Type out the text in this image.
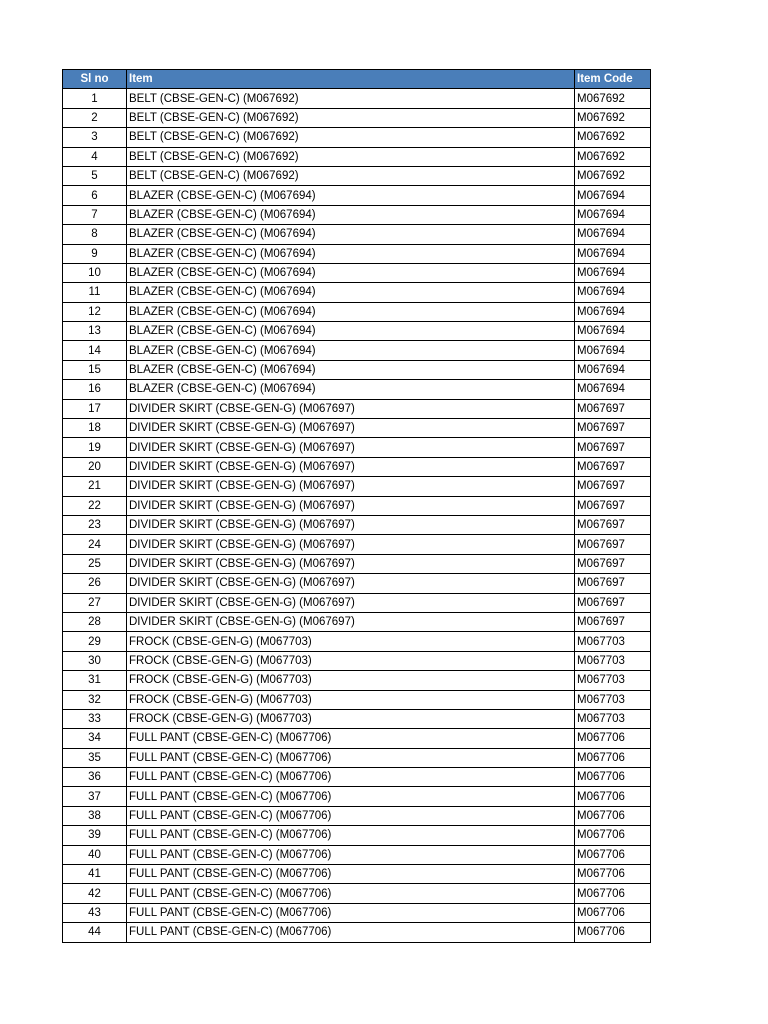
Sl no	Item	Item Code
1	BELT (CBSE-GEN-C) (M067692)	M067692
2	BELT (CBSE-GEN-C) (M067692)	M067692
3	BELT (CBSE-GEN-C) (M067692)	M067692
4	BELT (CBSE-GEN-C) (M067692)	M067692
5	BELT (CBSE-GEN-C) (M067692)	M067692
6	BLAZER (CBSE-GEN-C) (M067694)	M067694
7	BLAZER (CBSE-GEN-C) (M067694)	M067694
8	BLAZER (CBSE-GEN-C) (M067694)	M067694
9	BLAZER (CBSE-GEN-C) (M067694)	M067694
10	BLAZER (CBSE-GEN-C) (M067694)	M067694
11	BLAZER (CBSE-GEN-C) (M067694)	M067694
12	BLAZER (CBSE-GEN-C) (M067694)	M067694
13	BLAZER (CBSE-GEN-C) (M067694)	M067694
14	BLAZER (CBSE-GEN-C) (M067694)	M067694
15	BLAZER (CBSE-GEN-C) (M067694)	M067694
16	BLAZER (CBSE-GEN-C) (M067694)	M067694
17	DIVIDER SKIRT (CBSE-GEN-G) (M067697)	M067697
18	DIVIDER SKIRT (CBSE-GEN-G) (M067697)	M067697
19	DIVIDER SKIRT (CBSE-GEN-G) (M067697)	M067697
20	DIVIDER SKIRT (CBSE-GEN-G) (M067697)	M067697
21	DIVIDER SKIRT (CBSE-GEN-G) (M067697)	M067697
22	DIVIDER SKIRT (CBSE-GEN-G) (M067697)	M067697
23	DIVIDER SKIRT (CBSE-GEN-G) (M067697)	M067697
24	DIVIDER SKIRT (CBSE-GEN-G) (M067697)	M067697
25	DIVIDER SKIRT (CBSE-GEN-G) (M067697)	M067697
26	DIVIDER SKIRT (CBSE-GEN-G) (M067697)	M067697
27	DIVIDER SKIRT (CBSE-GEN-G) (M067697)	M067697
28	DIVIDER SKIRT (CBSE-GEN-G) (M067697)	M067697
29	FROCK (CBSE-GEN-G) (M067703)	M067703
30	FROCK (CBSE-GEN-G) (M067703)	M067703
31	FROCK (CBSE-GEN-G) (M067703)	M067703
32	FROCK (CBSE-GEN-G) (M067703)	M067703
33	FROCK (CBSE-GEN-G) (M067703)	M067703
34	FULL PANT (CBSE-GEN-C) (M067706)	M067706
35	FULL PANT (CBSE-GEN-C) (M067706)	M067706
36	FULL PANT (CBSE-GEN-C) (M067706)	M067706
37	FULL PANT (CBSE-GEN-C) (M067706)	M067706
38	FULL PANT (CBSE-GEN-C) (M067706)	M067706
39	FULL PANT (CBSE-GEN-C) (M067706)	M067706
40	FULL PANT (CBSE-GEN-C) (M067706)	M067706
41	FULL PANT (CBSE-GEN-C) (M067706)	M067706
42	FULL PANT (CBSE-GEN-C) (M067706)	M067706
43	FULL PANT (CBSE-GEN-C) (M067706)	M067706
44	FULL PANT (CBSE-GEN-C) (M067706)	M067706
